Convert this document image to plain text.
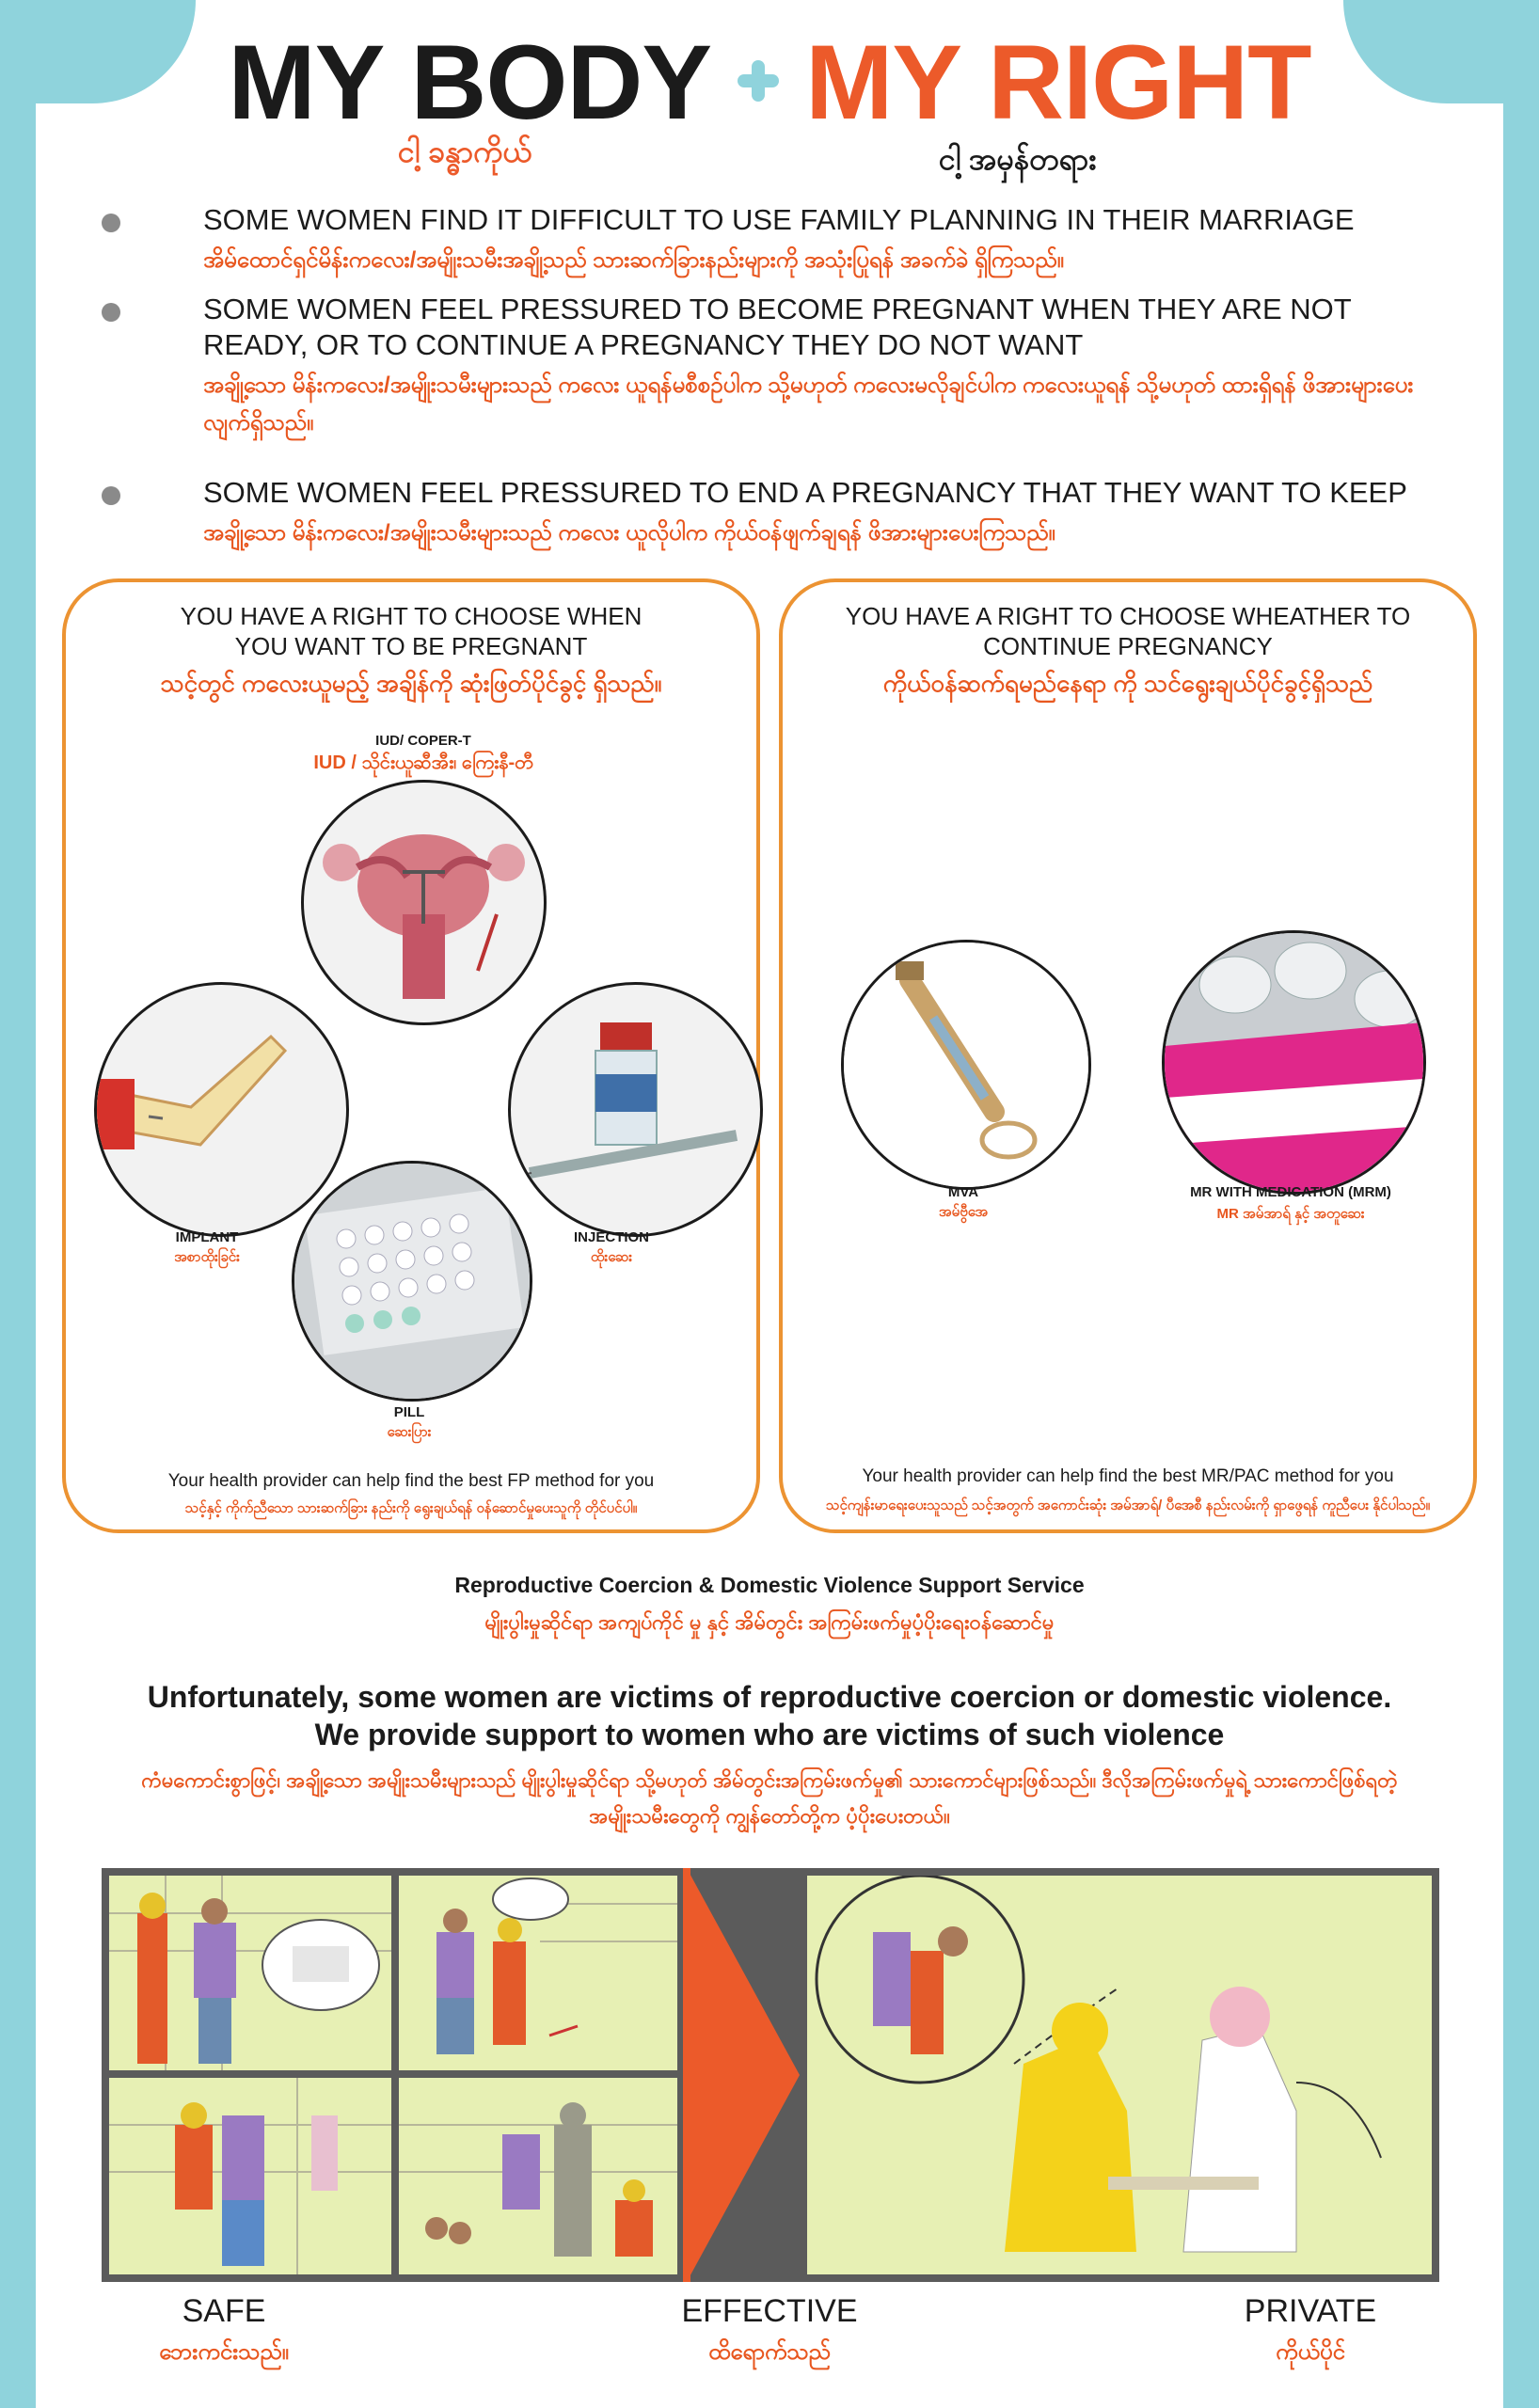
MY BODY MY RIGHT
ငါ့ ခန္ဓာကိုယ်	ငါ့ အမှန်တရား
SOME WOMEN FIND IT DIFFICULT TO USE FAMILY PLANNING IN THEIR MARRIAGE
အိမ်ထောင်ရှင်မိန်းကလေး/အမျိုးသမီးအချို့သည် သားဆက်ခြားနည်းများကို အသုံးပြုရန် အခက်ခဲ ရှိကြသည်။
SOME WOMEN FEEL PRESSURED TO BECOME PREGNANT WHEN THEY ARE NOT READY, OR TO CONTINUE A PREGNANCY THEY DO NOT WANT
အချို့သော မိန်းကလေး/အမျိုးသမီးများသည် ကလေး ယူရန်မစီစဉ်ပါက သို့မဟုတ် ကလေးမလိုချင်ပါက ကလေးယူရန် သို့မဟုတ် ထားရှိရန် ဖိအားများပေး လျက်ရှိသည်။
SOME WOMEN FEEL PRESSURED TO END A PREGNANCY THAT THEY WANT TO KEEP
အချို့သော မိန်းကလေး/အမျိုးသမီးများသည် ကလေး ယူလိုပါက ကိုယ်ဝန်ဖျက်ချရန် ဖိအားများပေးကြသည်။
YOU HAVE A RIGHT TO CHOOSE WHEN YOU WANT TO BE PREGNANT
သင့်တွင် ကလေးယူမည့် အချိန်ကို ဆုံးဖြတ်ပိုင်ခွင့် ရှိသည်။
IUD/ COPER-T
IUD / သိုင်းယူဆီအီး၊ ကြေးနီ-တီ
IMPLANT
အစာထိုးခြင်း
INJECTION
ထိုးဆေး
PILL
ဆေးပြား
Your health provider can help find the best FP method for you
သင့်နှင့် ကိုက်ညီသော သားဆက်ခြား နည်းကို ရွေးချယ်ရန် ဝန်ဆောင်မှုပေးသူကို တိုင်ပင်ပါ။
YOU HAVE A RIGHT TO CHOOSE WHEATHER TO CONTINUE PREGNANCY
ကိုယ်ဝန်ဆက်ရမည်နေရာ ကို သင်ရွေးချယ်ပိုင်ခွင့်ရှိသည်
MM Kit
MVA
အမ်ဗွီအေ
MR WITH MEDICATION (MRM)
MR အမ်အာရ် နှင့် အတူဆေး
Your health provider can help find the best MR/PAC method for you
သင့်ကျန်းမာရေးပေးသူသည် သင့်အတွက် အကောင်းဆုံး အမ်အာရ်/ ပီအေစီ နည်းလမ်းကို ရှာဖွေရန် ကူညီပေး နိုင်ပါသည်။
Reproductive Coercion & Domestic Violence Support Service
မျိုးပွါးမှုဆိုင်ရာ အကျပ်ကိုင် မှု နှင့် အိမ်တွင်း အကြမ်းဖက်မှုပံ့ပိုးရေးဝန်ဆောင်မှု
Unfortunately, some women are victims of reproductive coercion or domestic violence.
We provide support to women who are victims of such violence
ကံမကောင်းစွာဖြင့်၊ အချို့သော အမျိုးသမီးများသည် မျိုးပွါးမှုဆိုင်ရာ သို့မဟုတ် အိမ်တွင်းအကြမ်းဖက်မှု၏ သားကောင်များဖြစ်သည်။ ဒီလိုအကြမ်းဖက်မှုရဲ့ သားကောင်ဖြစ်ရတဲ့
အမျိုးသမီးတွေကို ကျွန်တော်တို့က ပံ့ပိုးပေးတယ်။
SAFE
ဘေးကင်းသည်။
EFFECTIVE
ထိရောက်သည်
PRIVATE
ကိုယ်ပိုင်
